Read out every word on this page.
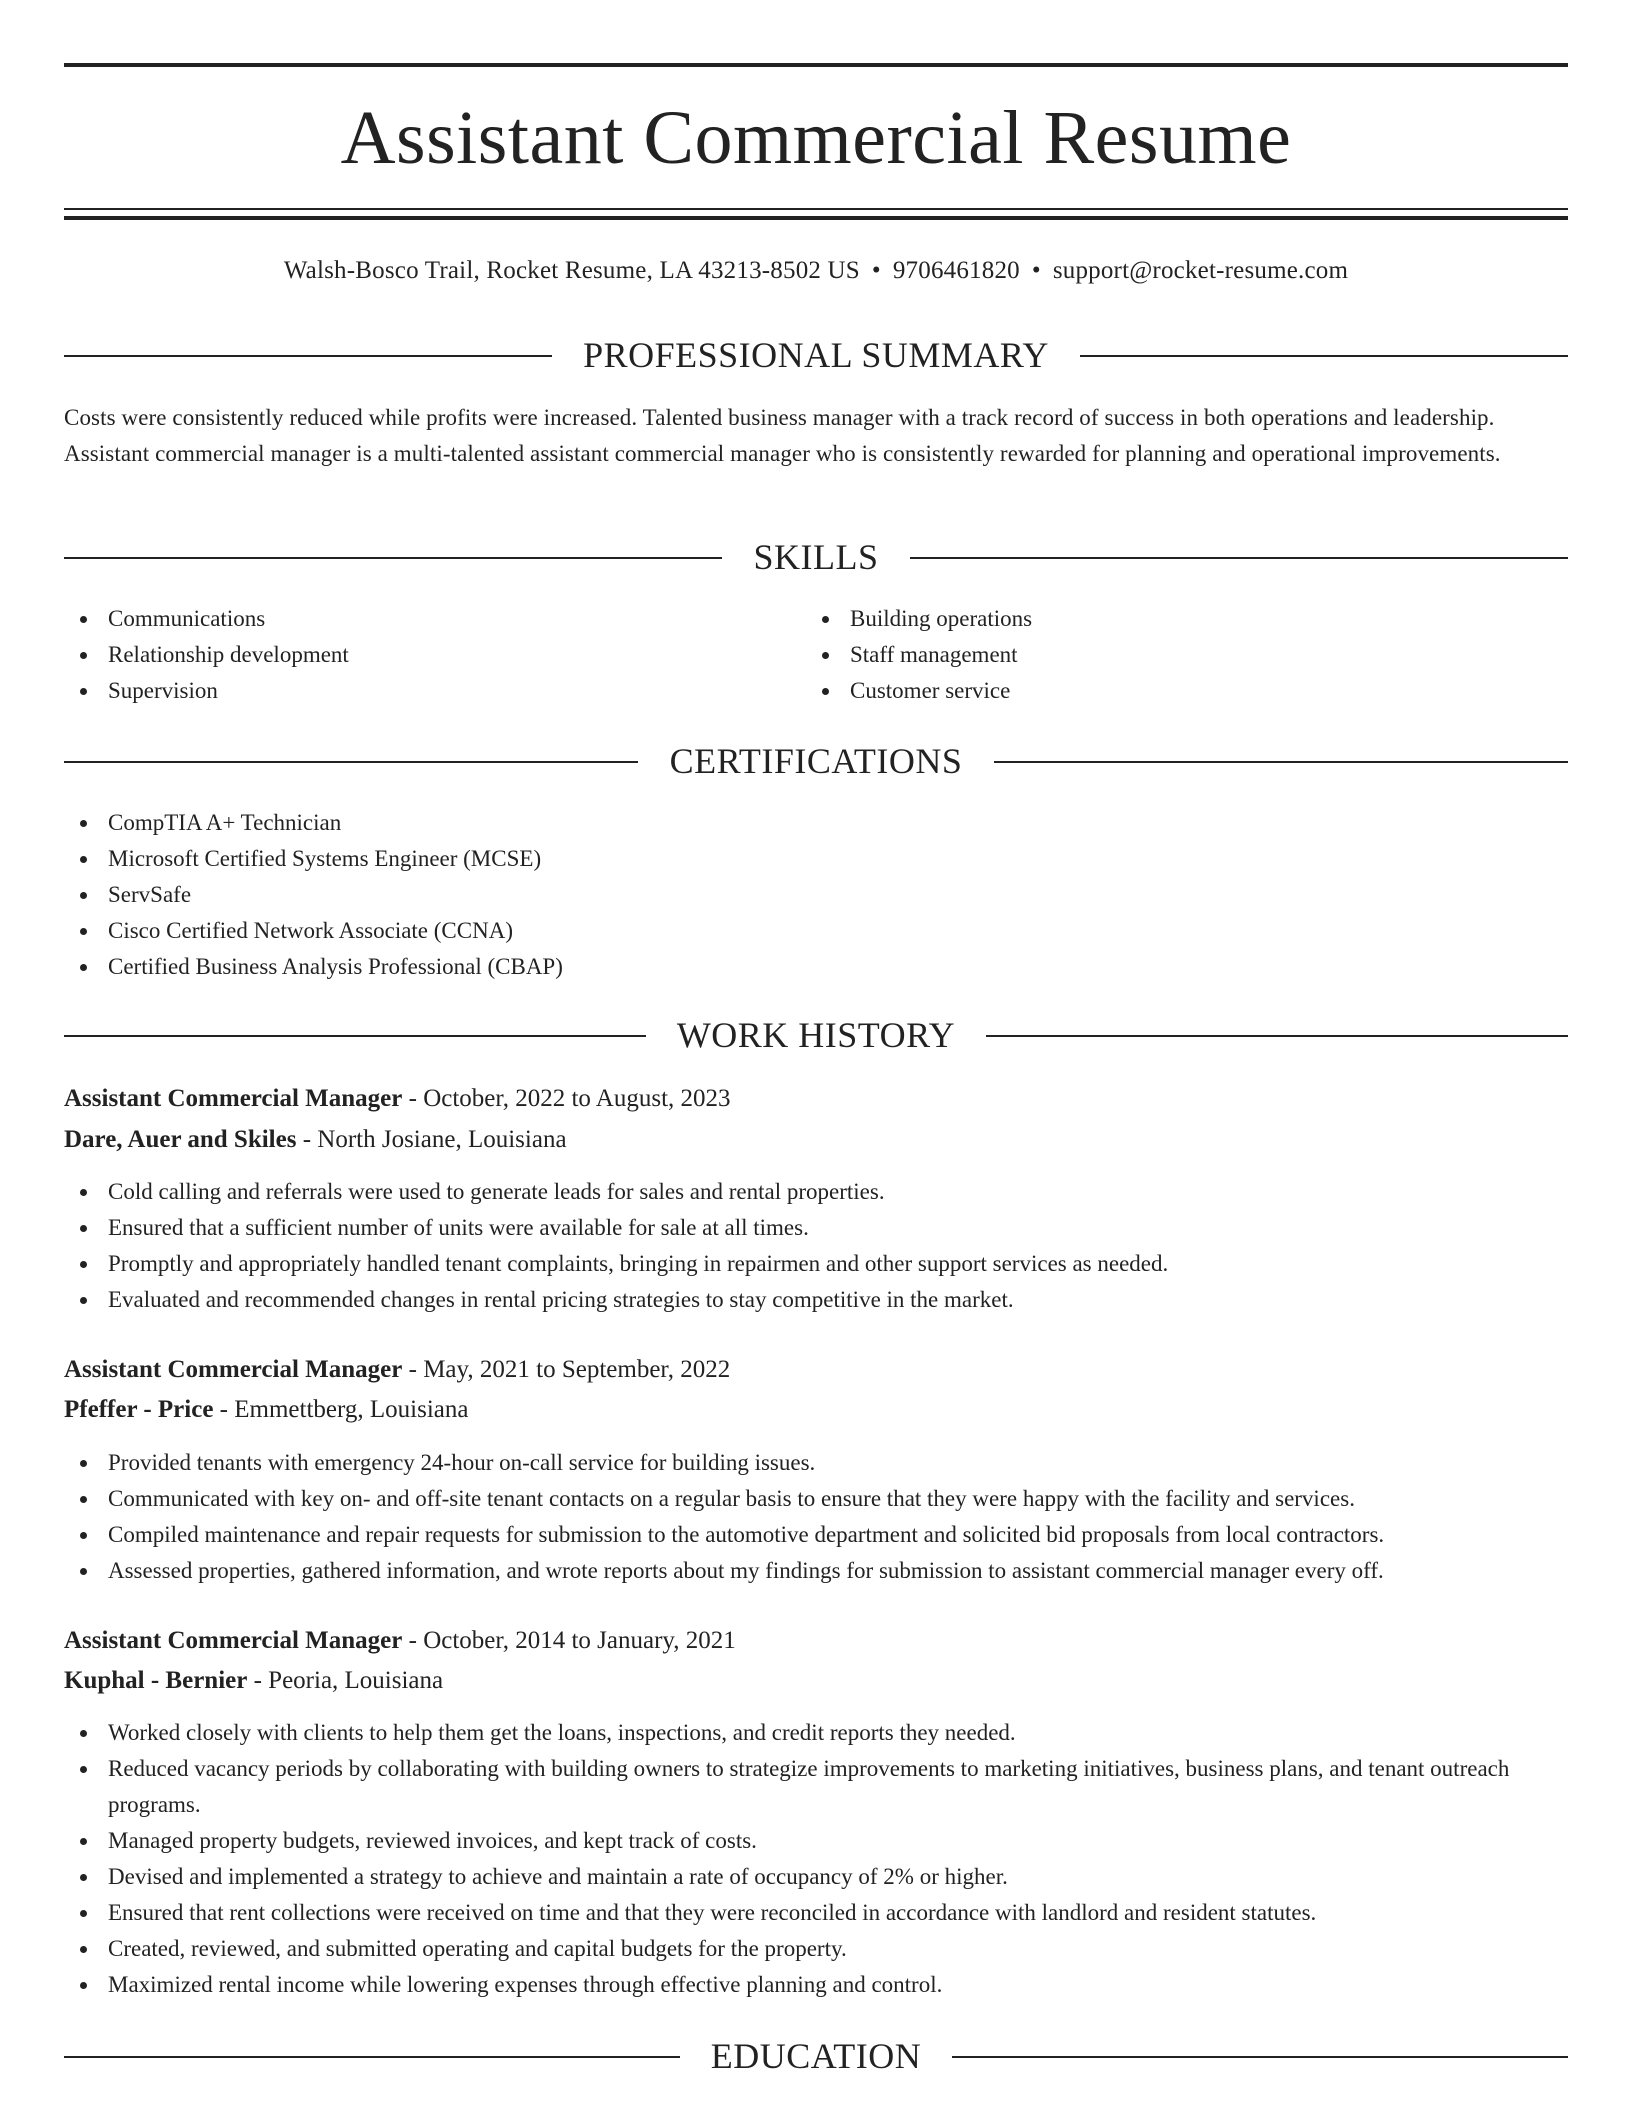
Assistant Commercial Resume
Walsh-Bosco Trail, Rocket Resume, LA 43213-8502 US • 9706461820 • support@rocket-resume.com
PROFESSIONAL SUMMARY
Costs were consistently reduced while profits were increased. Talented business manager with a track record of success in both operations and leadership. Assistant commercial manager is a multi-talented assistant commercial manager who is consistently rewarded for planning and operational improvements.
SKILLS
Communications
Relationship development
Supervision
Building operations
Staff management
Customer service
CERTIFICATIONS
CompTIA A+ Technician
Microsoft Certified Systems Engineer (MCSE)
ServSafe
Cisco Certified Network Associate (CCNA)
Certified Business Analysis Professional (CBAP)
WORK HISTORY
Assistant Commercial Manager - October, 2022 to August, 2023
Dare, Auer and Skiles - North Josiane, Louisiana
Cold calling and referrals were used to generate leads for sales and rental properties.
Ensured that a sufficient number of units were available for sale at all times.
Promptly and appropriately handled tenant complaints, bringing in repairmen and other support services as needed.
Evaluated and recommended changes in rental pricing strategies to stay competitive in the market.
Assistant Commercial Manager - May, 2021 to September, 2022
Pfeffer - Price - Emmettberg, Louisiana
Provided tenants with emergency 24-hour on-call service for building issues.
Communicated with key on- and off-site tenant contacts on a regular basis to ensure that they were happy with the facility and services.
Compiled maintenance and repair requests for submission to the automotive department and solicited bid proposals from local contractors.
Assessed properties, gathered information, and wrote reports about my findings for submission to assistant commercial manager every off.
Assistant Commercial Manager - October, 2014 to January, 2021
Kuphal - Bernier - Peoria, Louisiana
Worked closely with clients to help them get the loans, inspections, and credit reports they needed.
Reduced vacancy periods by collaborating with building owners to strategize improvements to marketing initiatives, business plans, and tenant outreach programs.
Managed property budgets, reviewed invoices, and kept track of costs.
Devised and implemented a strategy to achieve and maintain a rate of occupancy of 2% or higher.
Ensured that rent collections were received on time and that they were reconciled in accordance with landlord and resident statutes.
Created, reviewed, and submitted operating and capital budgets for the property.
Maximized rental income while lowering expenses through effective planning and control.
EDUCATION
